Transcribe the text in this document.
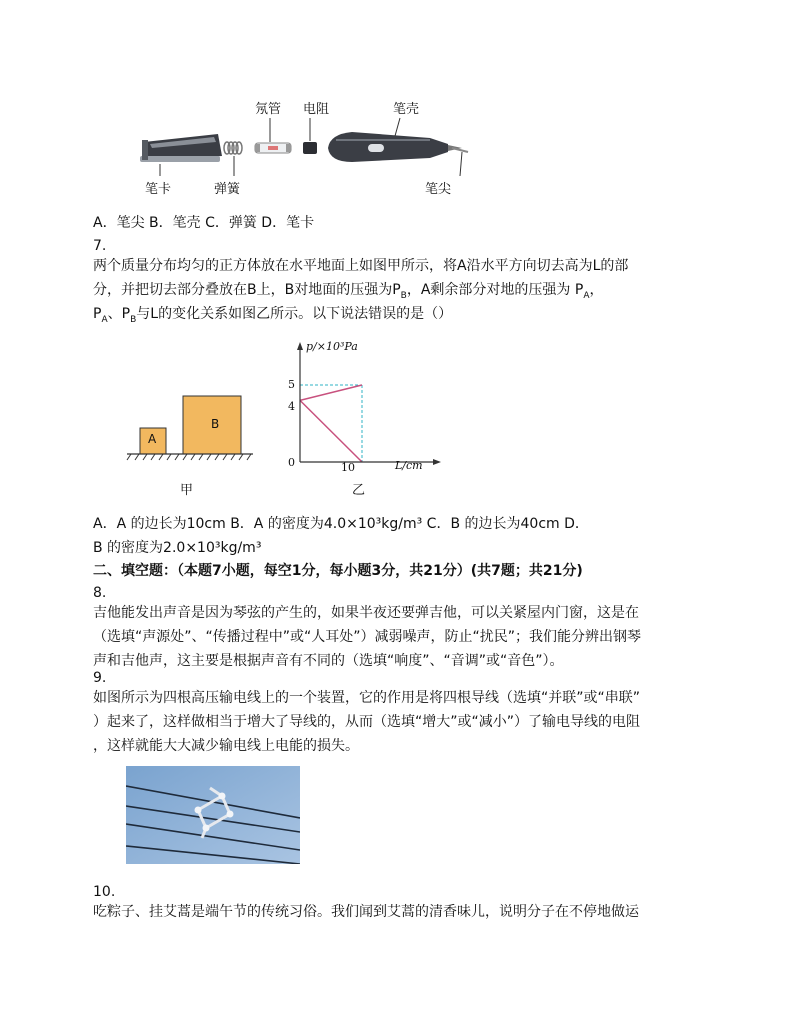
氖管 电阻	笔壳
笔卡	弹簧	笔尖
A．笔尖 B．笔壳 C．弹簧 D．笔卡
7.
两个质量分布均匀的正方体放在水平地面上如图甲所示，将A沿水平方向切去高为L的部
分，并把切去部分叠放在B上，B对地面的压强为$P_B$，A剩余部分对地的压强为 $P_A$，
$P_A$、$P_B$与L的变化关系如图乙所示。以下说法错误的是（）
A
B
甲
p/×10³Pa
L/cm
5
4
0	10
乙
A．A 的边长为10cm B．A 的密度为4.0×10³kg/m³ C．B 的边长为40cm D．
B 的密度为2.0×10³kg/m³
二、填空题：（本题7小题，每空1分，每小题3分，共21分）(共7题；共21分)
8.
吉他能发出声音是因为琴弦的产生的，如果半夜还要弹吉他，可以关紧屋内门窗，这是在
（选填“声源处”、“传播过程中”或“人耳处”）减弱噪声，防止“扰民”；我们能分辨出钢琴
声和吉他声，这主要是根据声音有不同的（选填“响度”、“音调”或“音色”）。
9.
如图所示为四根高压输电线上的一个装置，它的作用是将四根导线（选填“并联”或“串联”
）起来了，这样做相当于增大了导线的，从而（选填“增大”或“减小”）了输电导线的电阻
，这样就能大大减少输电线上电能的损失。
10.
吃粽子、挂艾蒿是端午节的传统习俗。我们闻到艾蒿的清香味儿，说明分子在不停地做运
